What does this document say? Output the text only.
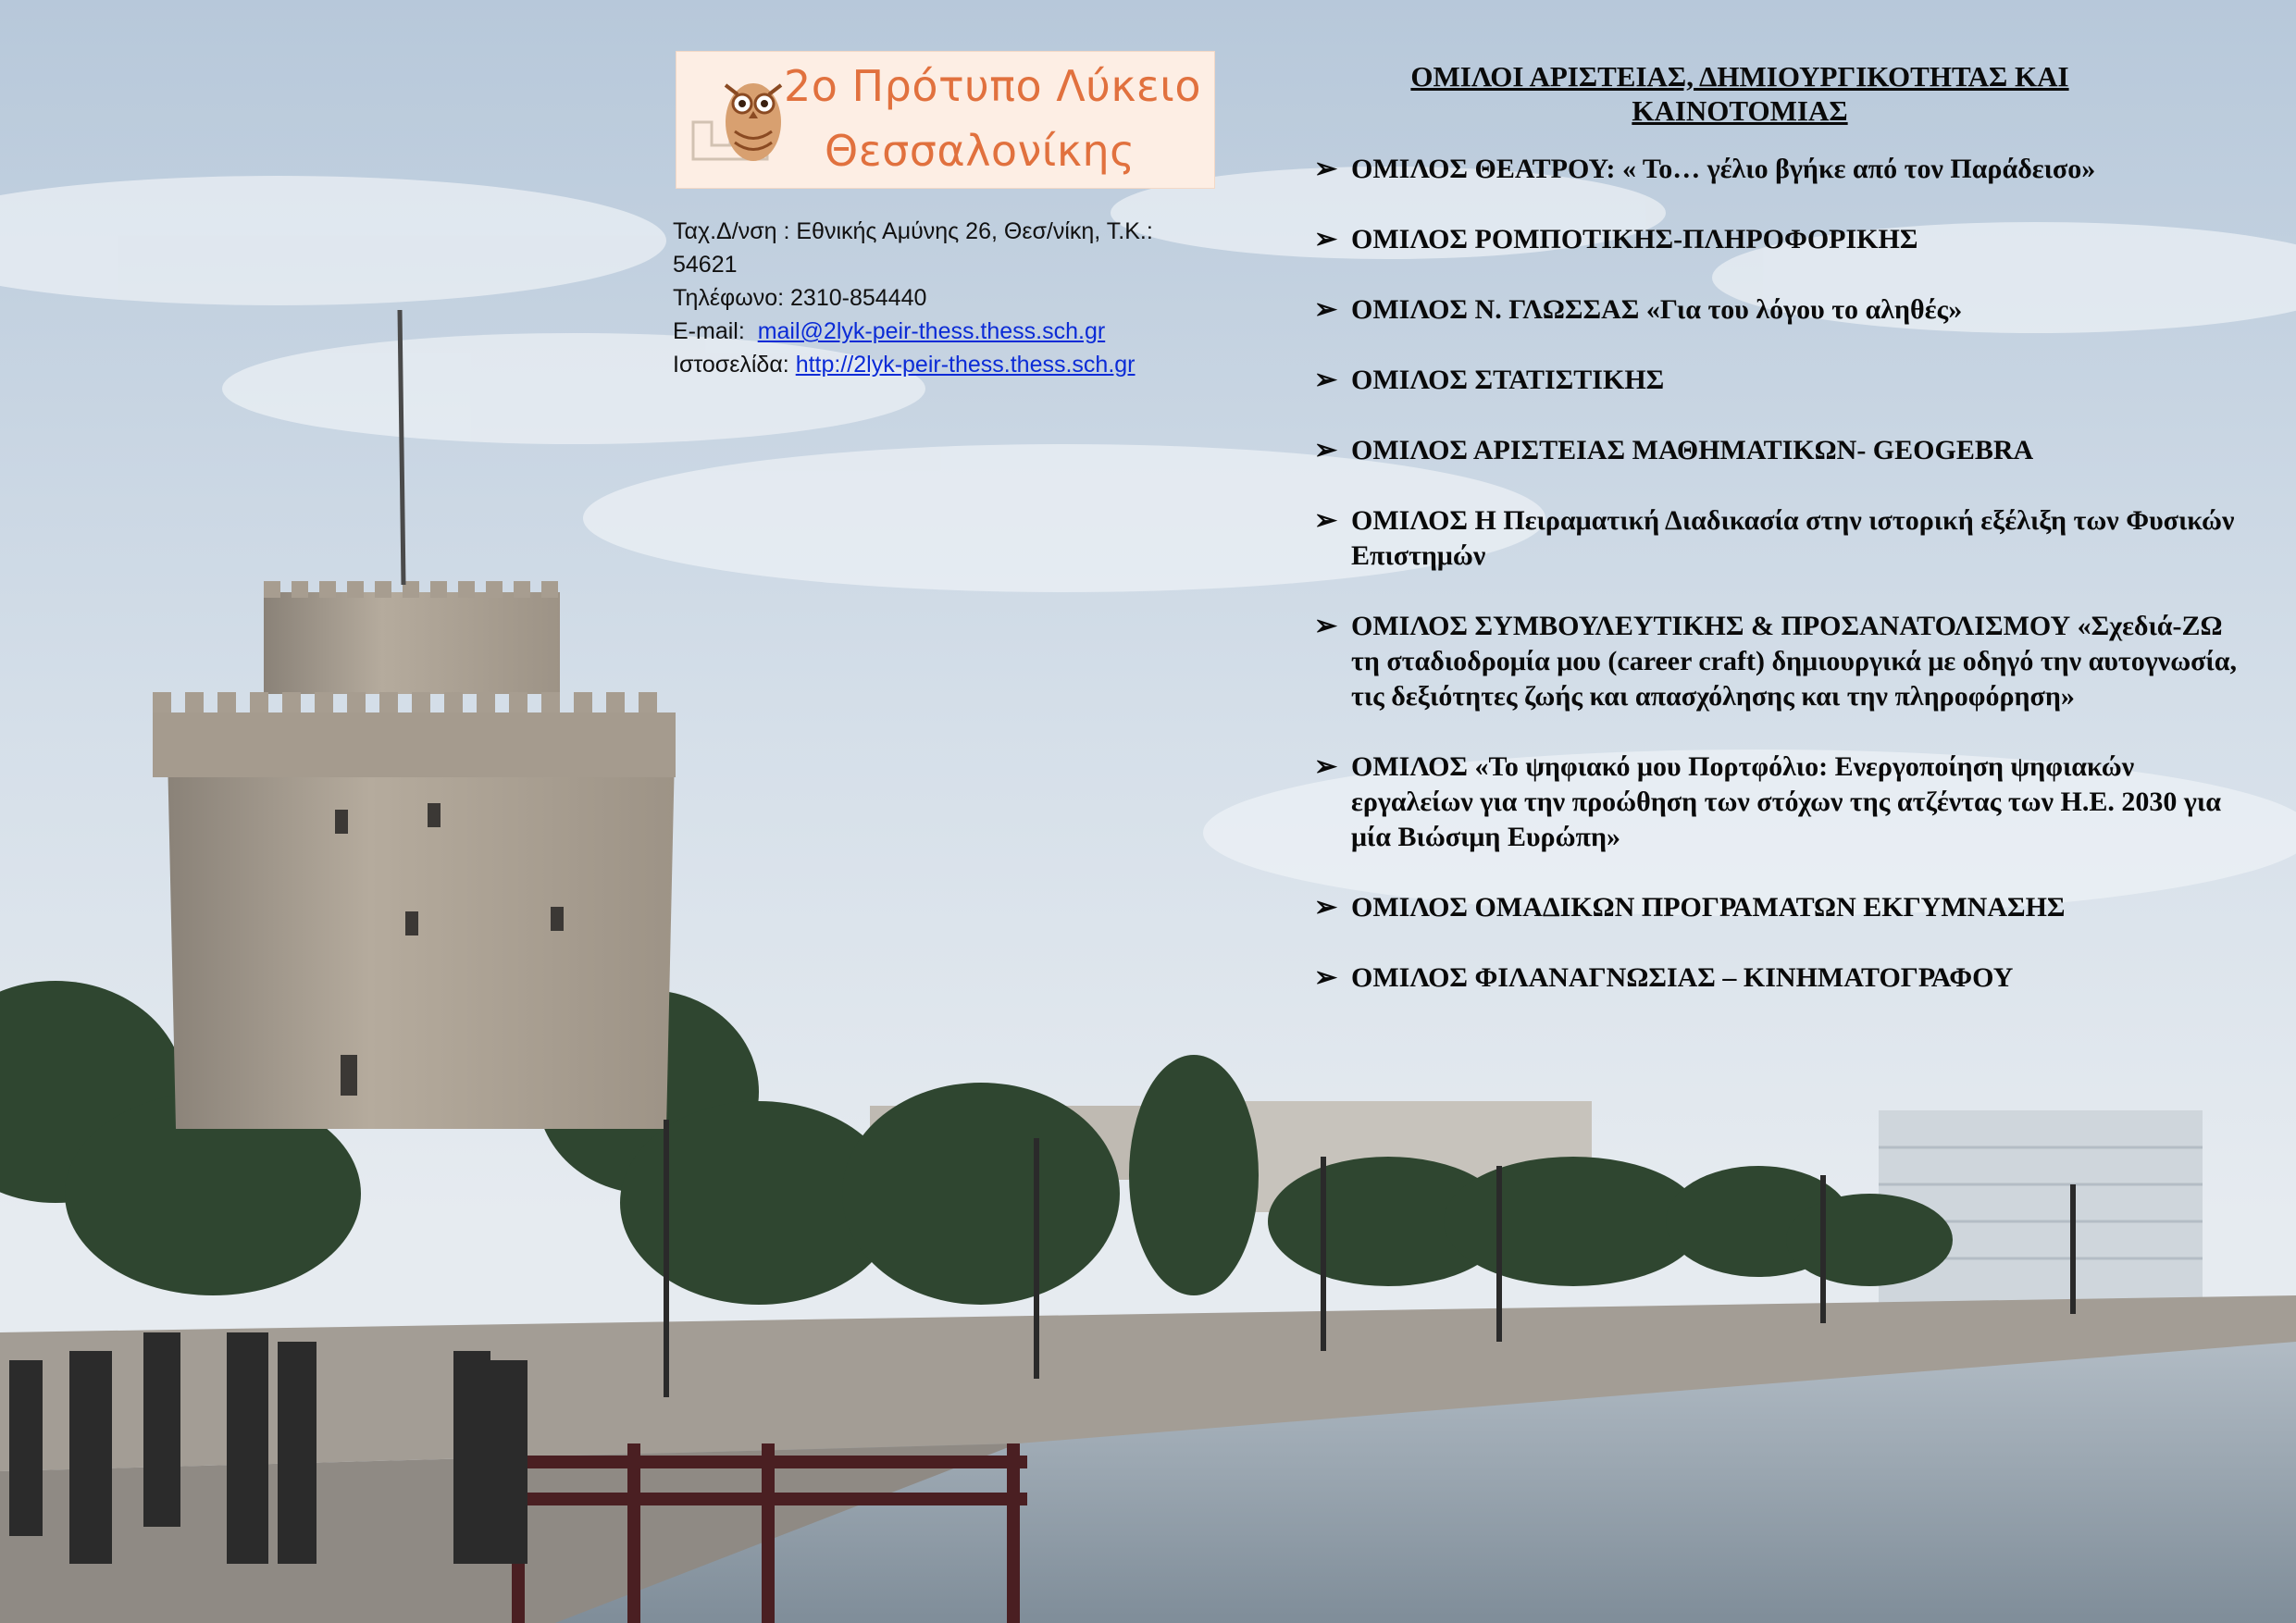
2ο Πρότυπο Λύκειο
Θεσσαλονίκης
Ταχ.Δ/νση : Εθνικής Αμύνης 26, Θεσ/νίκη, Τ.Κ.: 54621
Τηλέφωνο: 2310-854440
E-mail: mail@2lyk-peir-thess.thess.sch.gr
Ιστοσελίδα: http://2lyk-peir-thess.thess.sch.gr
ΟΜΙΛΟΙ ΑΡΙΣΤΕΙΑΣ, ΔΗΜΙΟΥΡΓΙΚΟΤΗΤΑΣ ΚΑΙ ΚΑΙΝΟΤΟΜΙΑΣ
➢ ΟΜΙΛΟΣ ΘΕΑΤΡΟΥ: « Το… γέλιο βγήκε από τον Παράδεισο»
➢ ΟΜΙΛΟΣ ΡΟΜΠΟΤΙΚΗΣ-ΠΛΗΡΟΦΟΡΙΚΗΣ
➢ ΟΜΙΛΟΣ Ν. ΓΛΩΣΣΑΣ «Για του λόγου το αληθές»
➢ ΟΜΙΛΟΣ ΣΤΑΤΙΣΤΙΚΗΣ
➢ ΟΜΙΛΟΣ ΑΡΙΣΤΕΙΑΣ ΜΑΘΗΜΑΤΙΚΩΝ- GEOGEBRA
➢ ΟΜΙΛΟΣ Η Πειραματική Διαδικασία στην ιστορική εξέλιξη των Φυσικών Επιστημών
➢ ΟΜΙΛΟΣ ΣΥΜΒΟΥΛΕΥΤΙΚΗΣ & ΠΡΟΣΑΝΑΤΟΛΙΣΜΟΥ «Σχεδιά-ΖΩ τη σταδιοδρομία μου (career craft) δημιουργικά με οδηγό την αυτογνωσία, τις δεξιότητες ζωής και απασχόλησης και την πληροφόρηση»
➢ ΟΜΙΛΟΣ «Το ψηφιακό μου Πορτφόλιο: Ενεργοποίηση ψηφιακών εργαλείων για την προώθηση των στόχων της ατζέντας των Η.Ε. 2030 για μία Βιώσιμη Ευρώπη»
➢ ΟΜΙΛΟΣ ΟΜΑΔΙΚΩΝ ΠΡΟΓΡΑΜΑΤΩΝ ΕΚΓΥΜΝΑΣΗΣ
➢ ΟΜΙΛΟΣ ΦΙΛΑΝΑΓΝΩΣΙΑΣ – ΚΙΝΗΜΑΤΟΓΡΑΦΟΥ
